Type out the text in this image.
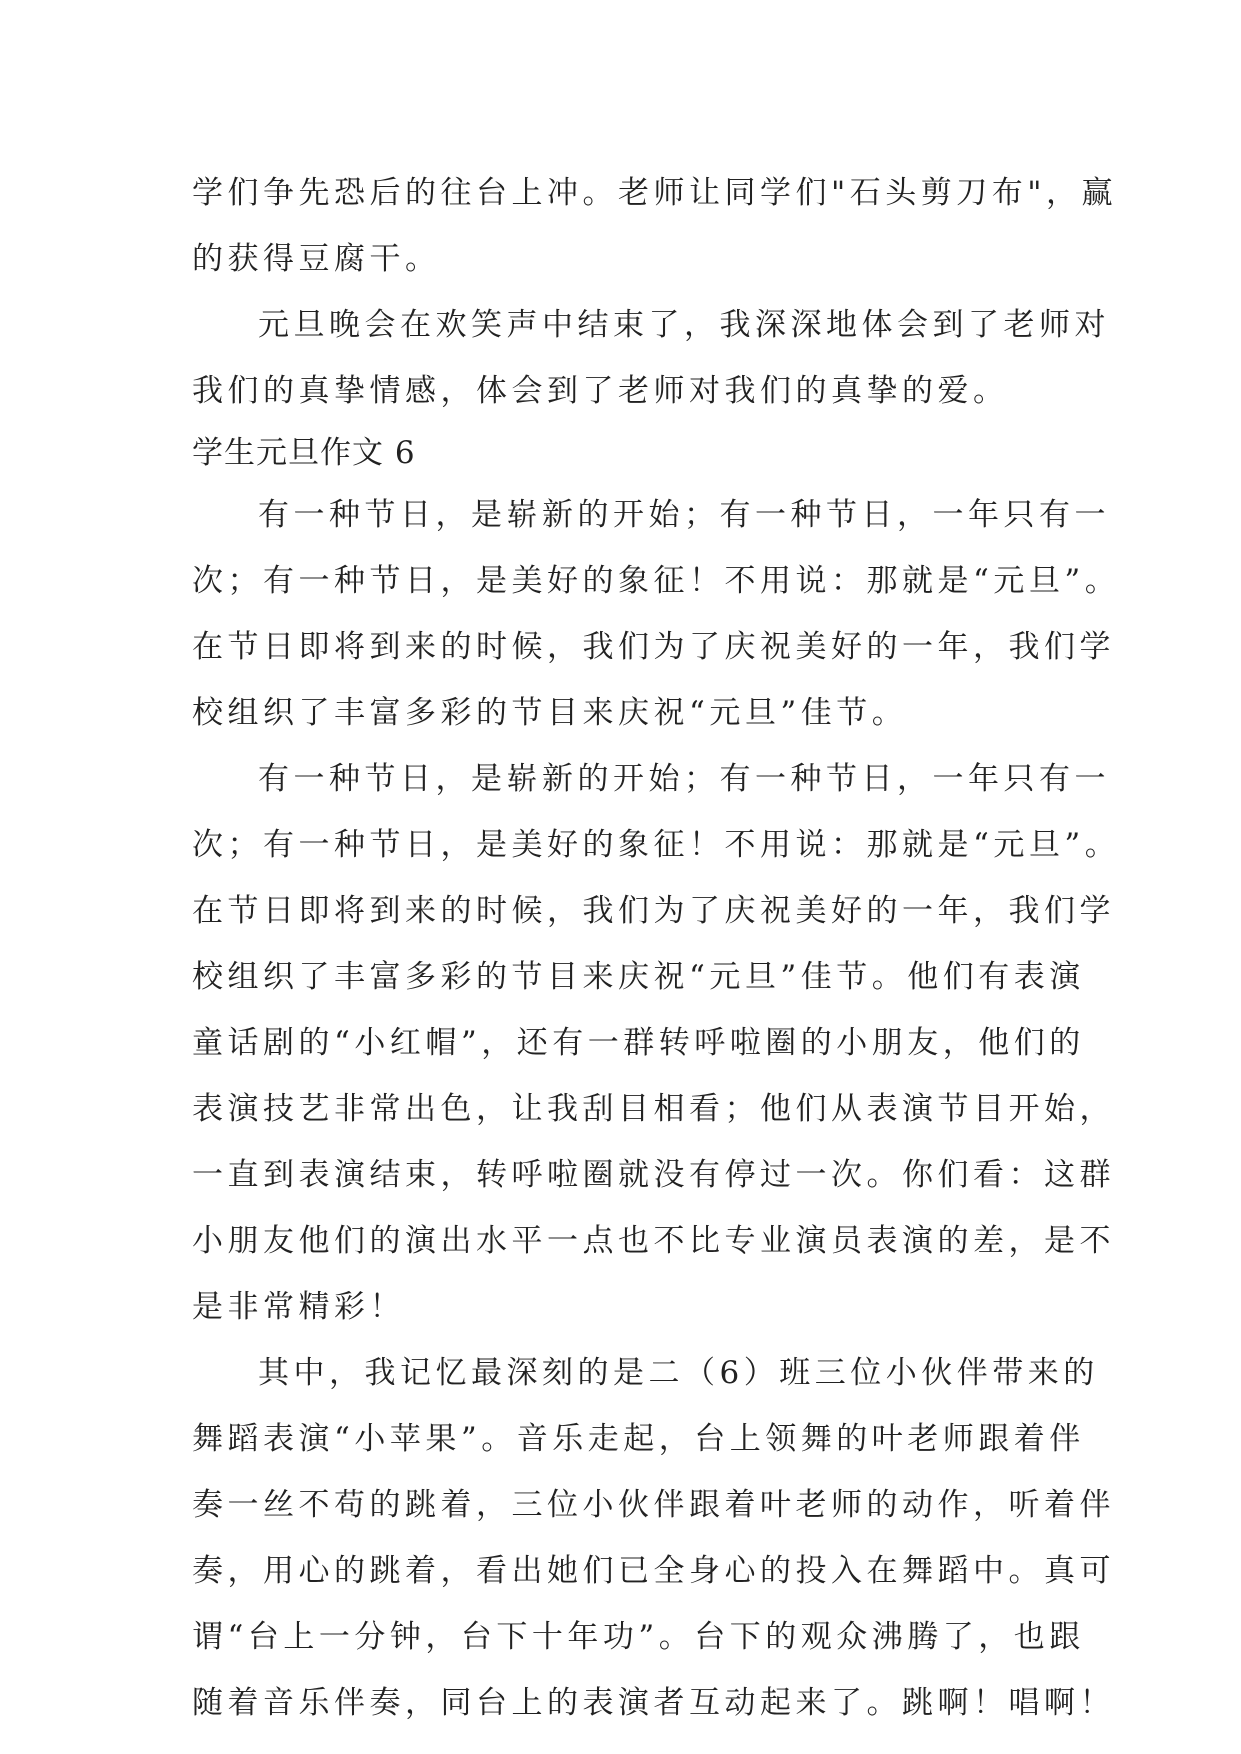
学们争先恐后的往台上冲。老师让同学们"石头剪刀布"，赢
的获得豆腐干。
元旦晚会在欢笑声中结束了，我深深地体会到了老师对
我们的真挚情感，体会到了老师对我们的真挚的爱。
学生元旦作文 6
有一种节日，是崭新的开始；有一种节日，一年只有一
次；有一种节日，是美好的象征！不用说：那就是“元旦”。
在节日即将到来的时候，我们为了庆祝美好的一年，我们学
校组织了丰富多彩的节目来庆祝“元旦”佳节。
有一种节日，是崭新的开始；有一种节日，一年只有一
次；有一种节日，是美好的象征！不用说：那就是“元旦”。
在节日即将到来的时候，我们为了庆祝美好的一年，我们学
校组织了丰富多彩的节目来庆祝“元旦”佳节。他们有表演
童话剧的“小红帽”，还有一群转呼啦圈的小朋友，他们的
表演技艺非常出色，让我刮目相看；他们从表演节目开始，
一直到表演结束，转呼啦圈就没有停过一次。你们看：这群
小朋友他们的演出水平一点也不比专业演员表演的差，是不
是非常精彩！
其中，我记忆最深刻的是二（6）班三位小伙伴带来的
舞蹈表演“小苹果”。音乐走起，台上领舞的叶老师跟着伴
奏一丝不苟的跳着，三位小伙伴跟着叶老师的动作，听着伴
奏，用心的跳着，看出她们已全身心的投入在舞蹈中。真可
谓“台上一分钟，台下十年功”。台下的观众沸腾了，也跟
随着音乐伴奏，同台上的表演者互动起来了。跳啊！唱啊！
